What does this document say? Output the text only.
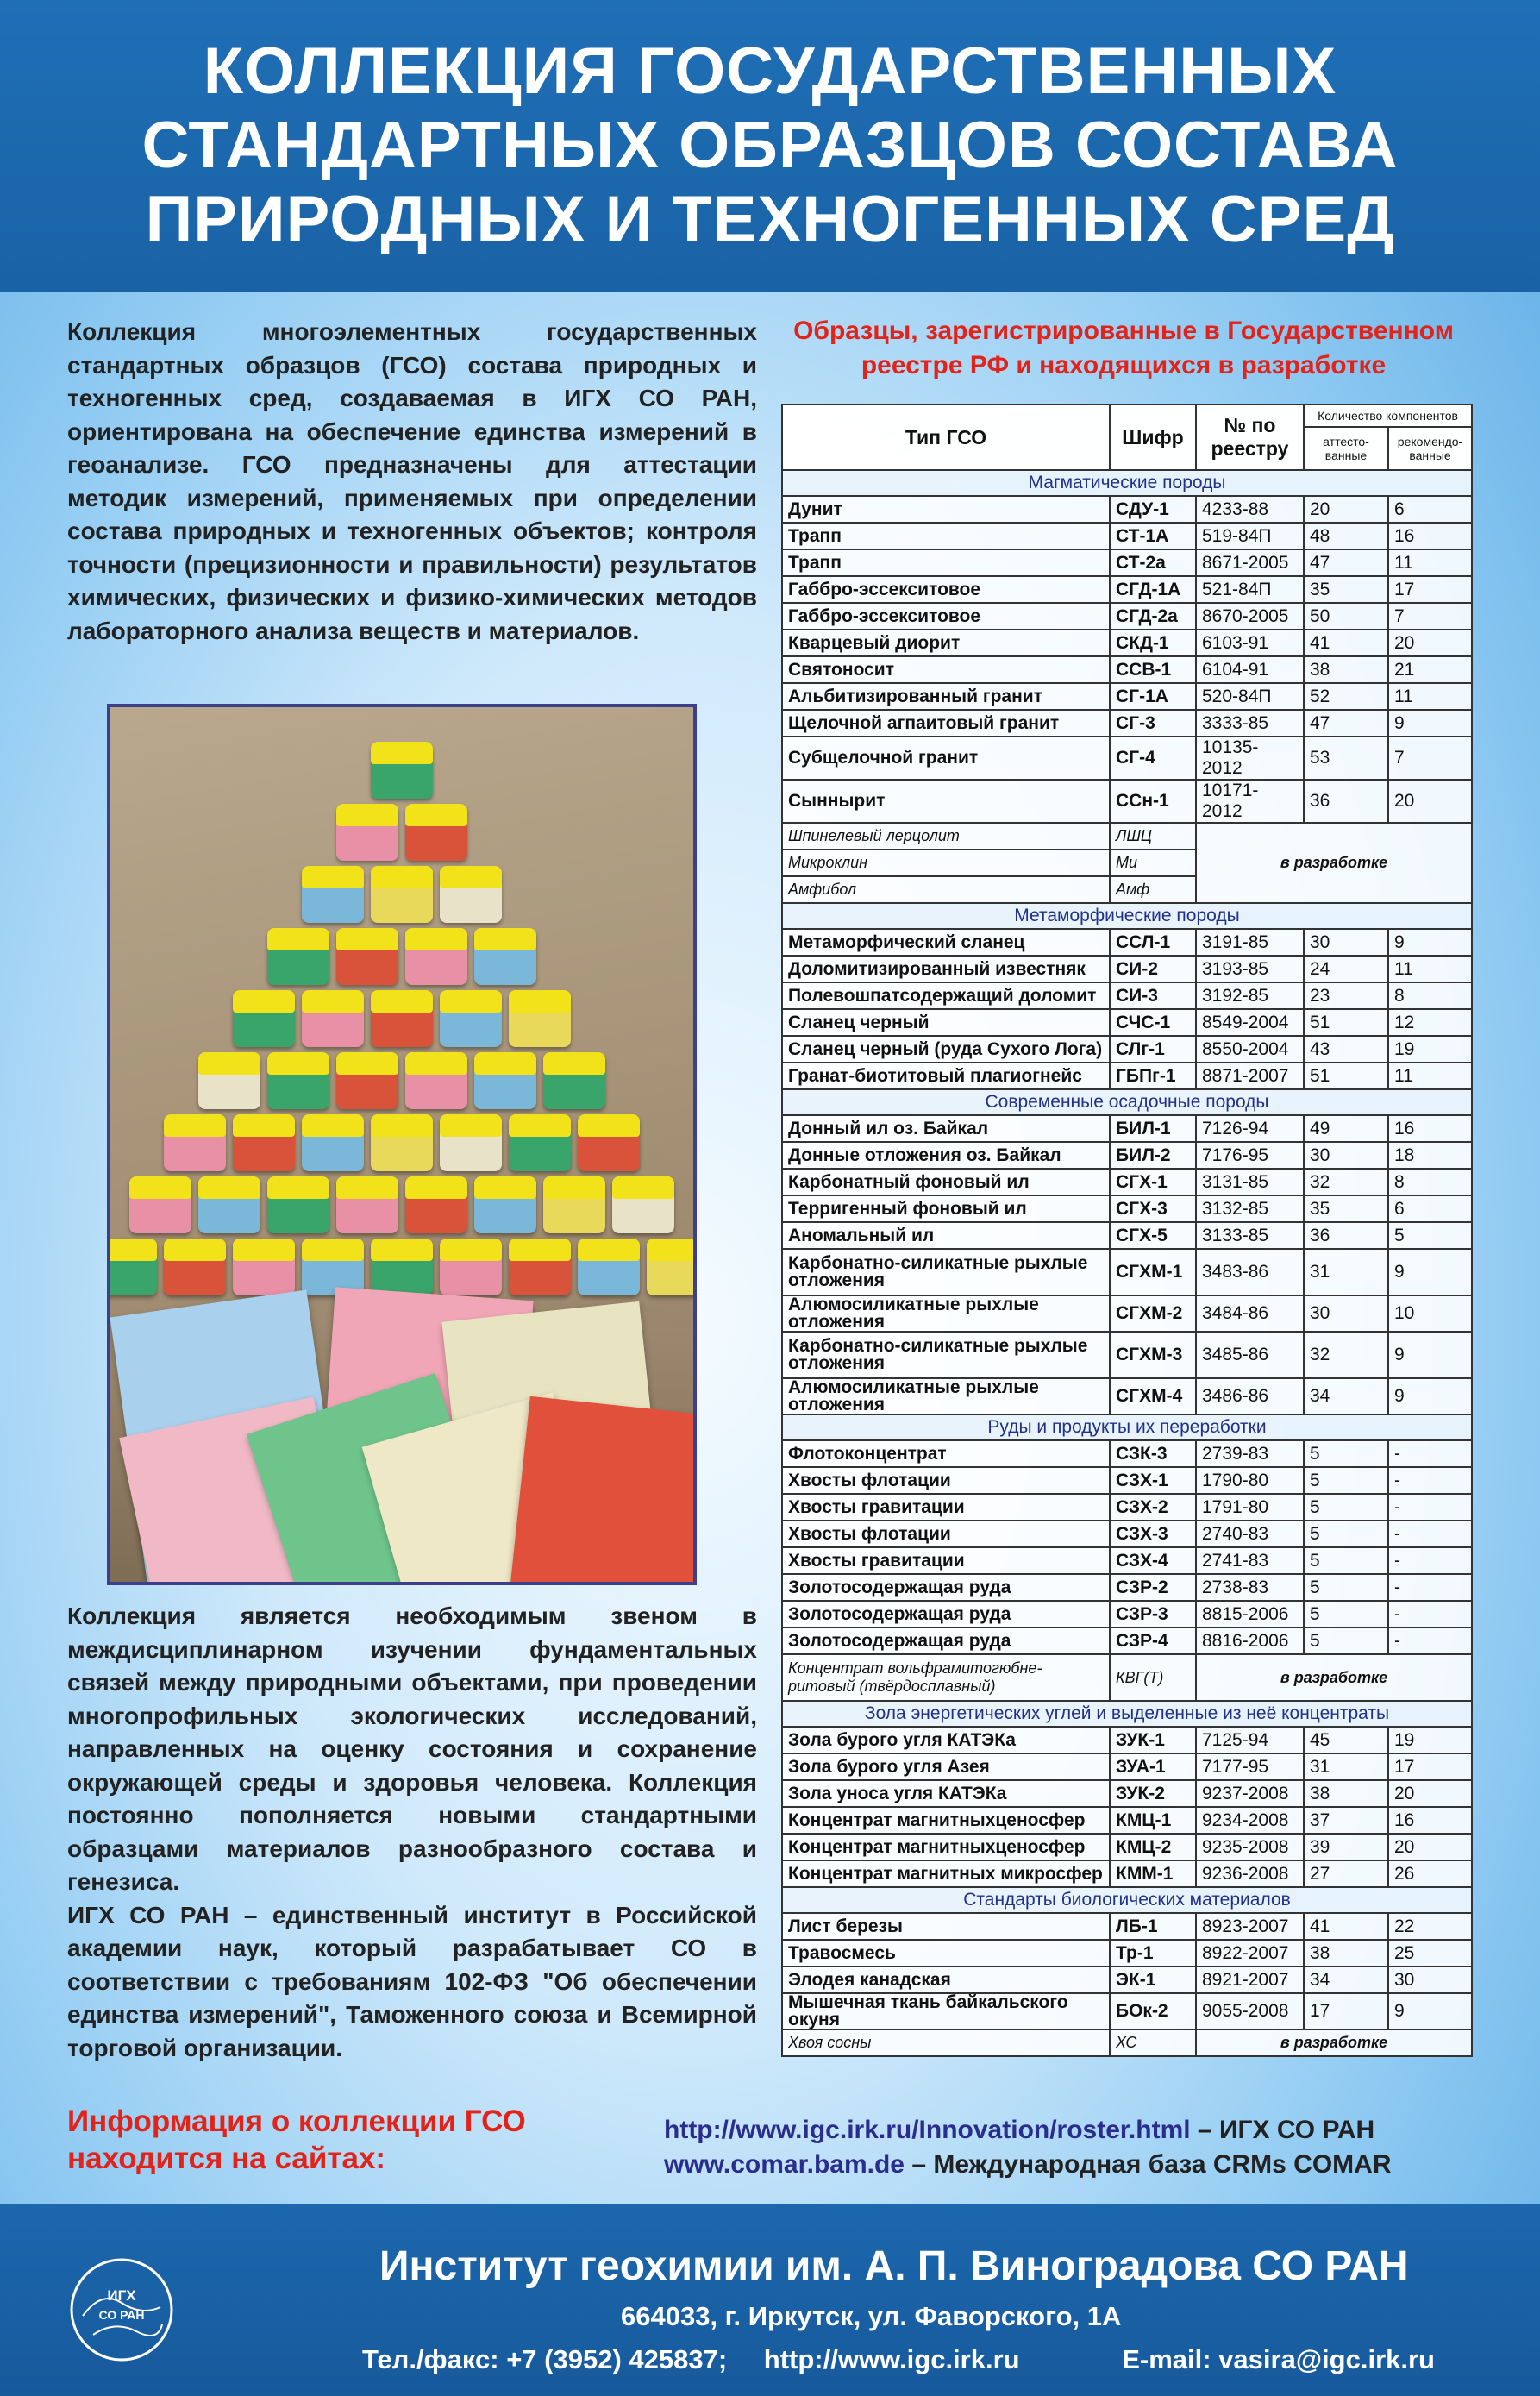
КОЛЛЕКЦИЯ ГОСУДАРСТВЕННЫХ
СТАНДАРТНЫХ ОБРАЗЦОВ СОСТАВА
ПРИРОДНЫХ И ТЕХНОГЕННЫХ СРЕД
Коллекция многоэлементных государственных стандартных образцов (ГСО) состава природных и техногенных сред, создаваемая в ИГХ СО РАН, ориентирована на обеспечение единства измерений в геоанализе. ГСО предназначены для аттестации методик измерений, применяемых при определении состава природных и техногенных объектов; контроля точности (прецизионности и правильности) результатов химических, физических и физико-химических методов лабораторного анализа веществ и материалов.

Коллекция является необходимым звеном в междисциплинарном изучении фундаментальных связей между природными объектами, при проведении многопрофильных экологических исследований, направленных на оценку состояния и сохранение окружающей среды и здоровья человека. Коллекция постоянно пополняется новыми стандартными образцами материалов разнообразного состава и генезиса.

ИГХ СО РАН – единственный институт в Российской академии наук, который разрабатывает СО в соответствии с требованиям 102-ФЗ "Об обеспечении единства измерений", Таможенного союза и Всемирной торговой организации.

Информация о коллекции ГСО находится на сайтах:
http://www.igc.irk.ru/Innovation/roster.html – ИГХ СО РАН
www.comar.bam.de – Международная база CRMs COMAR
Образцы, зарегистрированные в Государственном реестре РФ и находящихся в разработке
Тип ГСО	Шифр	№ по реестру	Количество компонентов	
			аттесто-ванные	рекомендо-ванные
Магматические породы				
Дунит	СДУ-1	4233-88	20	6
Трапп	СТ-1А	519-84П	48	16
Трапп	СТ-2а	8671-2005	47	11
Габбро-эссекситовое	СГД-1А	521-84П	35	17
Габбро-эссекситовое	СГД-2а	8670-2005	50	7
Кварцевый диорит	СКД-1	6103-91	41	20
Святоносит	ССВ-1	6104-91	38	21
Альбитизированный гранит	СГ-1А	520-84П	52	11
Щелочной агпаитовый гранит	СГ-3	3333-85	47	9
Субщелочной гранит	СГ-4	10135-2012	53	7
Сыннырит	ССн-1	10171-2012	36	20
Шпинелевый лерцолит	ЛШЦ	в разработке		
Микроклин	Ми			
Амфибол	Амф			
Метаморфические породы				
Метаморфический сланец	ССЛ-1	3191-85	30	9
Доломитизированный известняк	СИ-2	3193-85	24	11
Полевошпатсодержащий доломит	СИ-3	3192-85	23	8
Сланец черный	СЧС-1	8549-2004	51	12
Сланец черный (руда Сухого Лога)	СЛг-1	8550-2004	43	19
Гранат-биотитовый плагиогнейс	ГБПг-1	8871-2007	51	11
Современные осадочные породы				
Донный ил оз. Байкал	БИЛ-1	7126-94	49	16
Донные отложения оз. Байкал	БИЛ-2	7176-95	30	18
Карбонатный фоновый ил	СГХ-1	3131-85	32	8
Терригенный фоновый ил	СГХ-3	3132-85	35	6
Аномальный ил	СГХ-5	3133-85	36	5
Карбонатно-силикатные рыхлые отложения	СГХМ-1	3483-86	31	9
Алюмосиликатные рыхлые отложения	СГХМ-2	3484-86	30	10
Карбонатно-силикатные рыхлые отложения	СГХМ-3	3485-86	32	9
Алюмосиликатные рыхлые отложения	СГХМ-4	3486-86	34	9
Руды и продукты их переработки				
Флотоконцентрат	СЗК-3	2739-83	5	-
Хвосты флотации	СЗХ-1	1790-80	5	-
Хвосты гравитации	СЗХ-2	1791-80	5	-
Хвосты флотации	СЗХ-3	2740-83	5	-
Хвосты гравитации	СЗХ-4	2741-83	5	-
Золотосодержащая руда	СЗР-2	2738-83	5	-
Золотосодержащая руда	СЗР-3	8815-2006	5	-
Золотосодержащая руда	СЗР-4	8816-2006	5	-
Концентрат вольфрамитогюбне-ритовый (твёрдосплавный)	КВГ(Т)	в разработке		
Зола энергетических углей и выделенные из неё концентраты				
Зола бурого угля КАТЭКа	ЗУК-1	7125-94	45	19
Зола бурого угля Азея	ЗУА-1	7177-95	31	17
Зола уноса угля КАТЭКа	ЗУК-2	9237-2008	38	20
Концентрат магнитныхценосфер	КМЦ-1	9234-2008	37	16
Концентрат магнитныхценосфер	КМЦ-2	9235-2008	39	20
Концентрат магнитных микросфер	КММ-1	9236-2008	27	26
Стандарты биологических материалов				
Лист березы	ЛБ-1	8923-2007	41	22
Травосмесь	Тр-1	8922-2007	38	25
Элодея канадская	ЭК-1	8921-2007	34	30
Мышечная ткань байкальского окуня	БОк-2	9055-2008	17	9
Хвоя сосны	ХС	в разработке		
ИГХ
СО РАН
Институт геохимии им. А. П. Виноградова СО РАН
664033, г. Иркутск, ул. Фаворского, 1А
Тел./факс: +7 (3952) 425837; http://www.igc.irk.ru	E-mail: vasira@igc.irk.ru
